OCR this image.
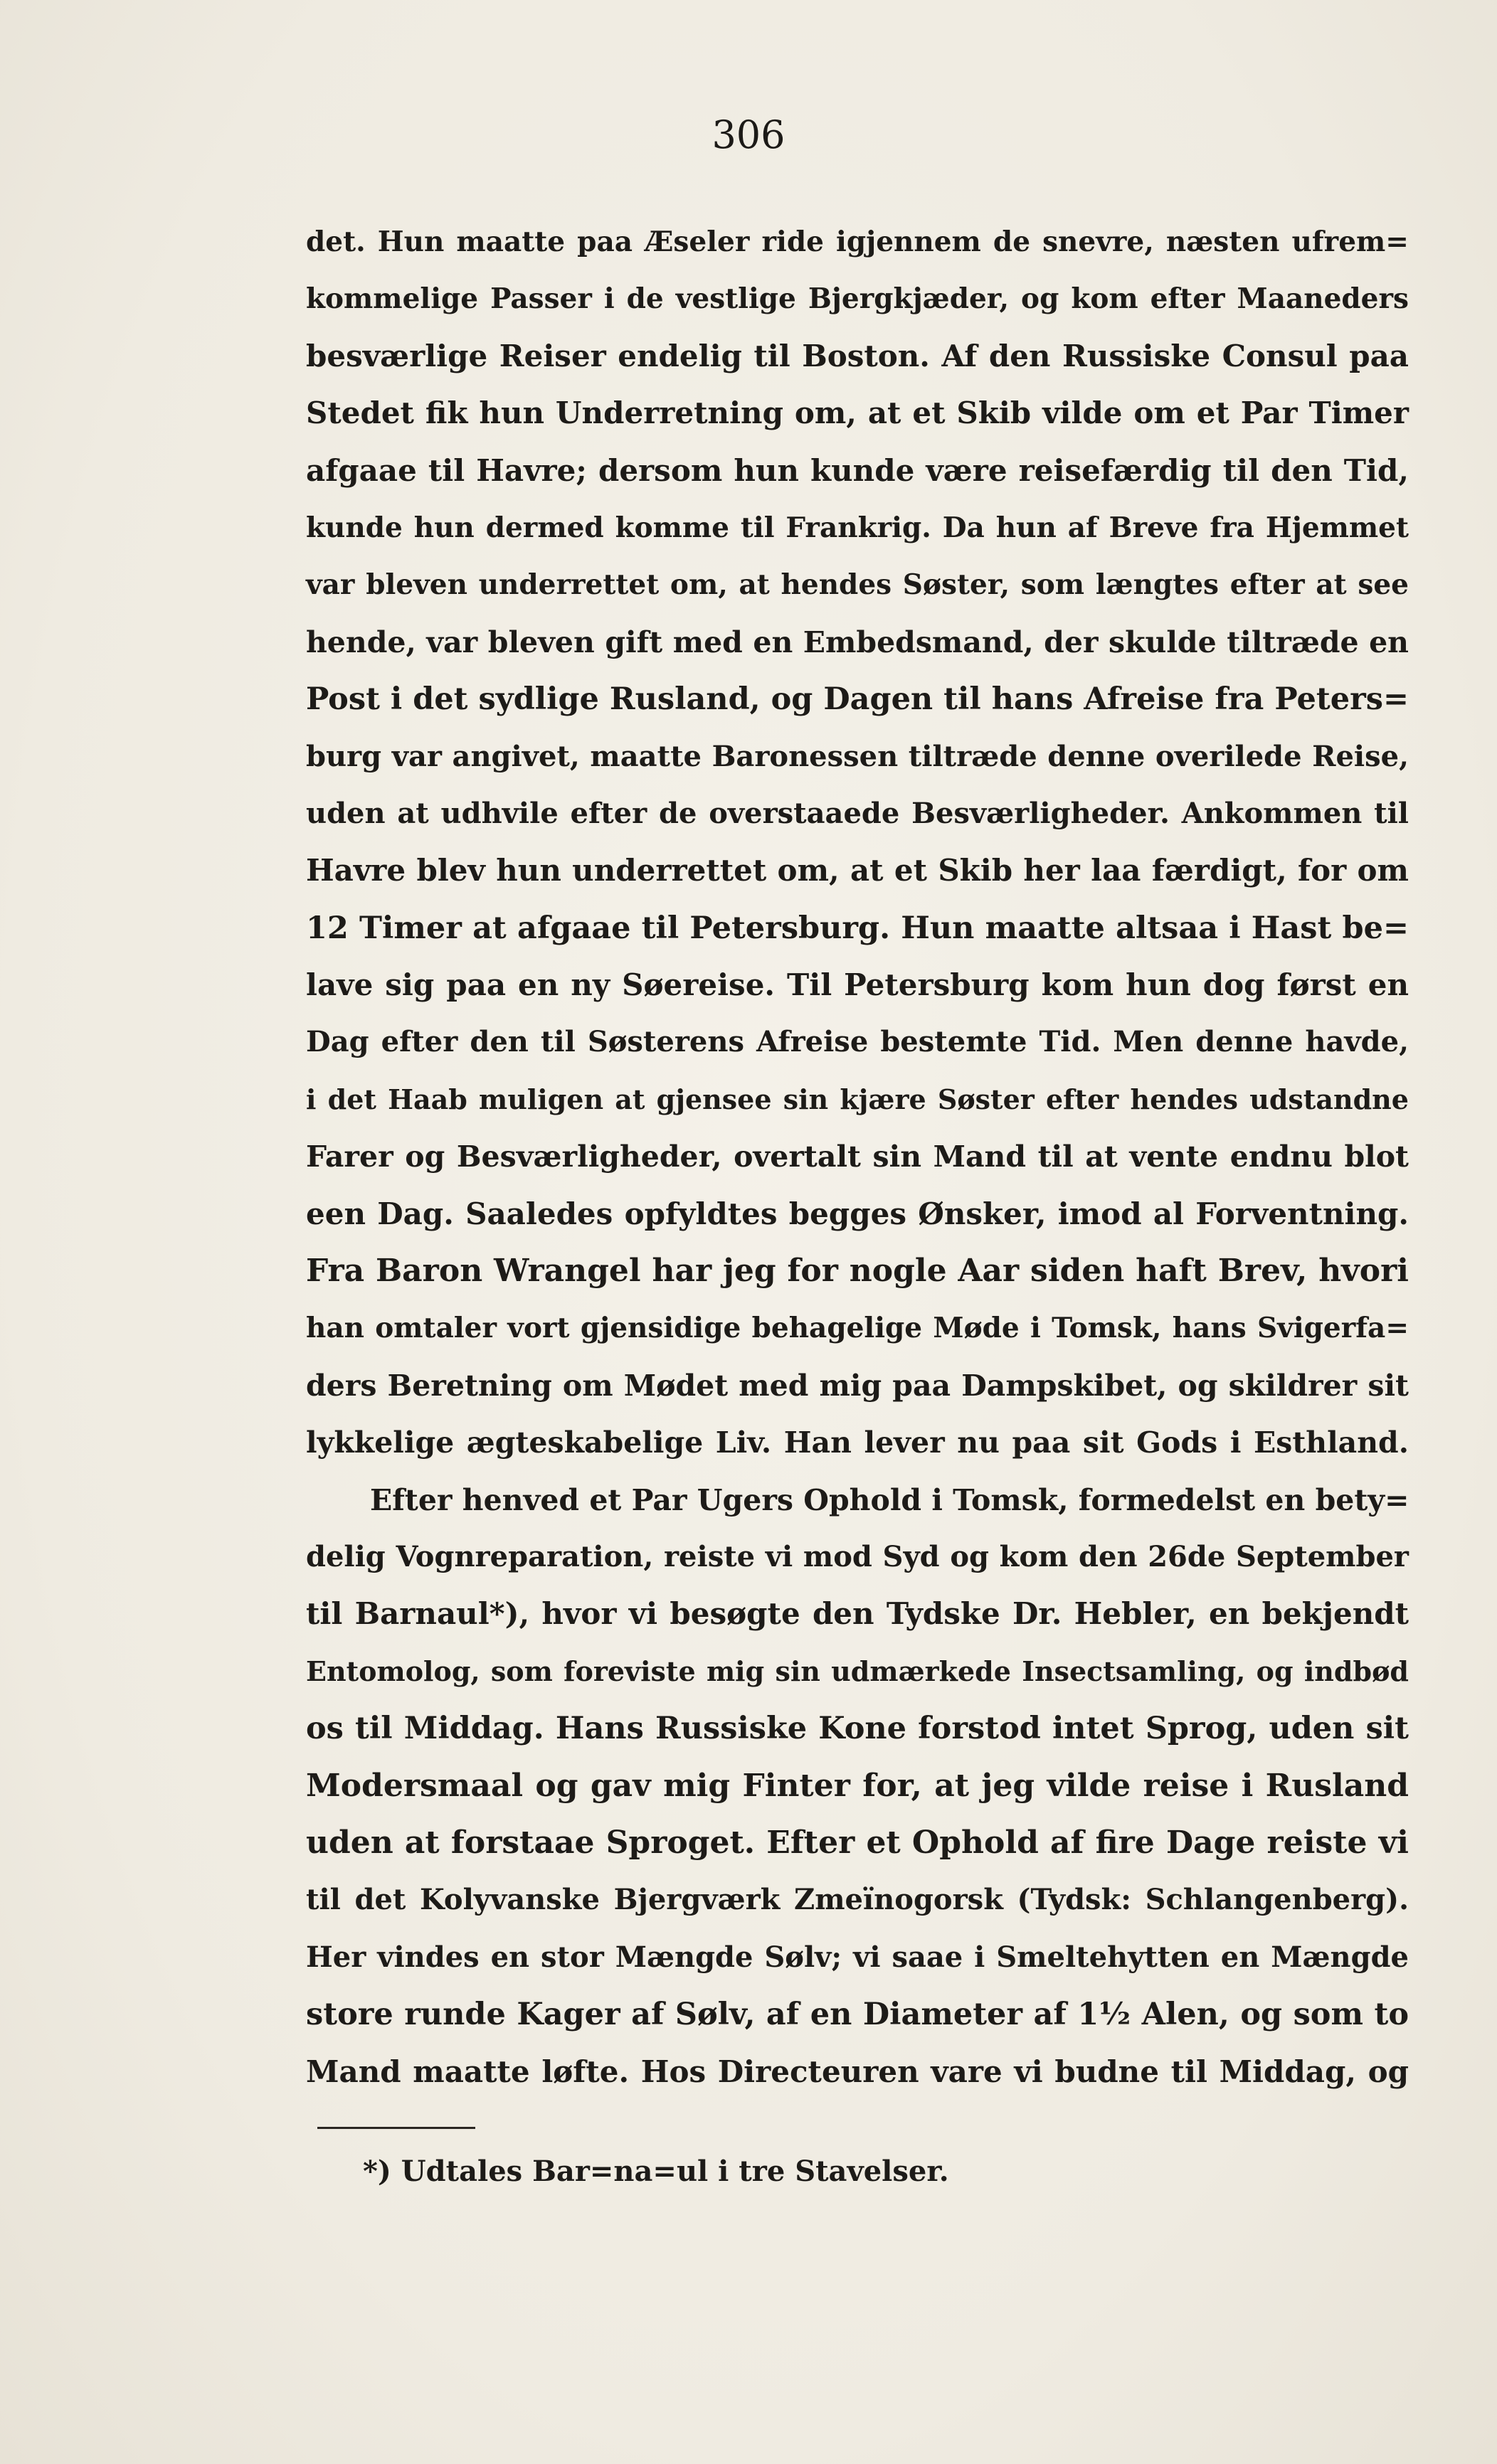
306
det. Hun maatte paa Æseler ride igjennem de snevre, næsten ufrem=
kommelige Passer i de vestlige Bjergkjæder, og kom efter Maaneders
besværlige Reiser endelig til Boston. Af den Russiske Consul paa
Stedet fik hun Underretning om, at et Skib vilde om et Par Timer
afgaae til Havre; dersom hun kunde være reisefærdig til den Tid,
kunde hun dermed komme til Frankrig. Da hun af Breve fra Hjemmet
var bleven underrettet om, at hendes Søster, som længtes efter at see
hende, var bleven gift med en Embedsmand, der skulde tiltræde en
Post i det sydlige Rusland, og Dagen til hans Afreise fra Peters=
burg var angivet, maatte Baronessen tiltræde denne overilede Reise,
uden at udhvile efter de overstaaede Besværligheder. Ankommen til
Havre blev hun underrettet om, at et Skib her laa færdigt, for om
12 Timer at afgaae til Petersburg. Hun maatte altsaa i Hast be=
lave sig paa en ny Søereise. Til Petersburg kom hun dog først en
Dag efter den til Søsterens Afreise bestemte Tid. Men denne havde,
i det Haab muligen at gjensee sin kjære Søster efter hendes udstandne
Farer og Besværligheder, overtalt sin Mand til at vente endnu blot
een Dag. Saaledes opfyldtes begges Ønsker, imod al Forventning.
Fra Baron Wrangel har jeg for nogle Aar siden haft Brev, hvori
han omtaler vort gjensidige behagelige Møde i Tomsk, hans Svigerfa=
ders Beretning om Mødet med mig paa Dampskibet, og skildrer sit
lykkelige ægteskabelige Liv. Han lever nu paa sit Gods i Esthland.
Efter henved et Par Ugers Ophold i Tomsk, formedelst en bety=
delig Vognreparation, reiste vi mod Syd og kom den 26de September
til Barnaul*), hvor vi besøgte den Tydske Dr. Hebler, en bekjendt
Entomolog, som foreviste mig sin udmærkede Insectsamling, og indbød
os til Middag. Hans Russiske Kone forstod intet Sprog, uden sit
Modersmaal og gav mig Finter for, at jeg vilde reise i Rusland
uden at forstaae Sproget. Efter et Ophold af fire Dage reiste vi
til det Kolyvanske Bjergværk Zmeïnogorsk (Tydsk: Schlangenberg).
Her vindes en stor Mængde Sølv; vi saae i Smeltehytten en Mængde
store runde Kager af Sølv, af en Diameter af 1½ Alen, og som to
Mand maatte løfte. Hos Directeuren vare vi budne til Middag, og
*) Udtales Bar=na=ul i tre Stavelser.
